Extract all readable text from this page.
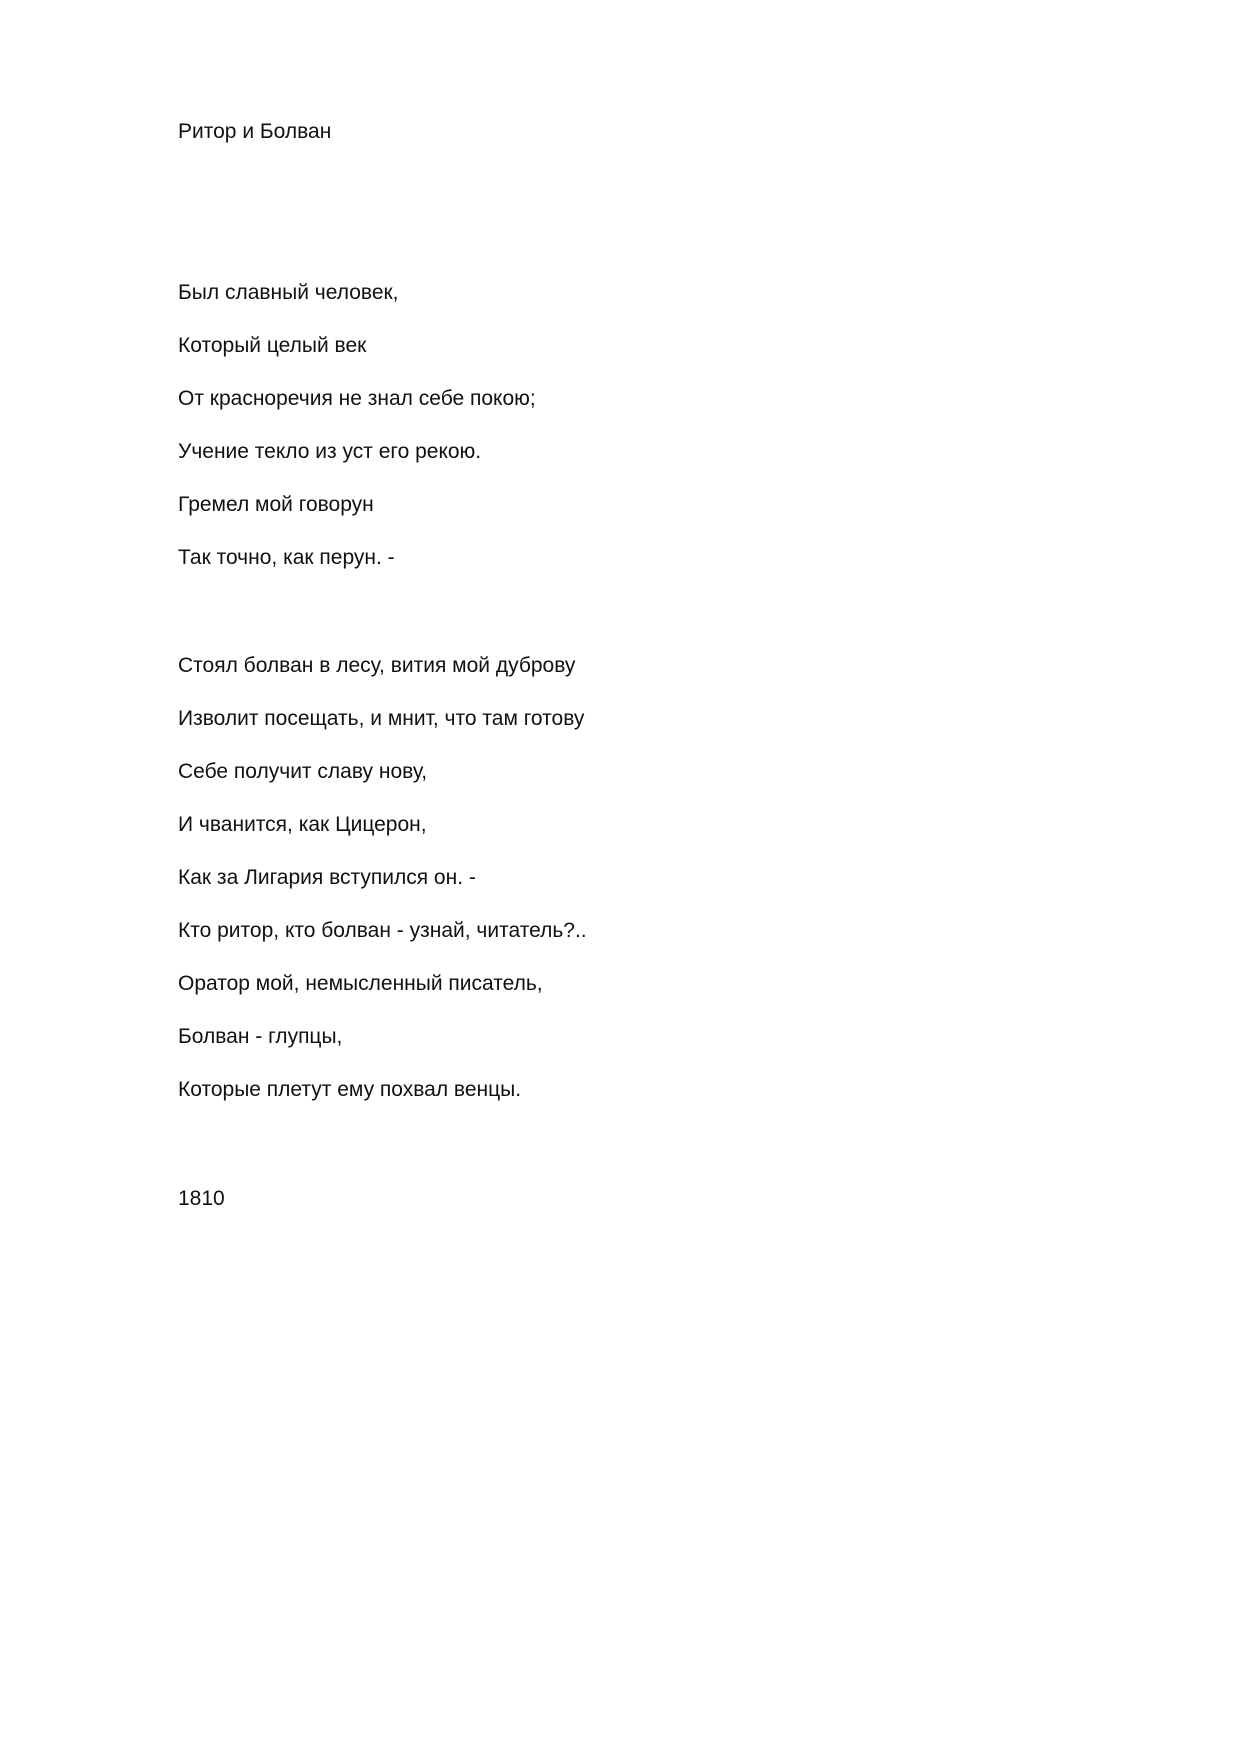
Ритор и Болван
Был славный человек,
Который целый век
От красноречия не знал себе покою;
Учение текло из уст его рекою.
Гремел мой говорун
Так точно, как перун. -
Стоял болван в лесу, вития мой дуброву
Изволит посещать, и мнит, что там готову
Себе получит славу нову,
И чванится, как Цицерон,
Как за Лигария вступился он. -
Кто ритор, кто болван - узнай, читатель?..
Оратор мой, немысленный писатель,
Болван - глупцы,
Которые плетут ему похвал венцы.
1810
